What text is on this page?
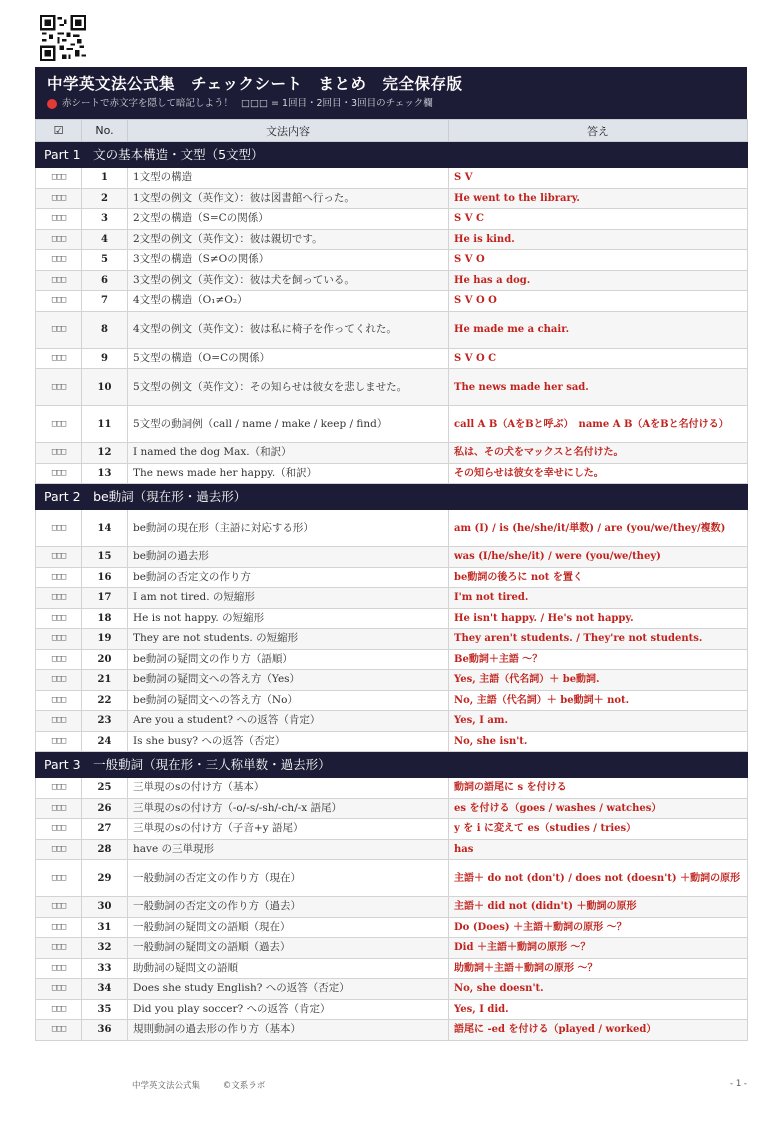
中学英文法公式集　チェックシート　まとめ　完全保存版
赤シートで赤文字を隠して暗記しよう！ □□□ = 1回目・2回目・3回目のチェック欄
☑	No.	文法内容	答え
Part 1　文の基本構造・文型（5文型）			
□□□	1	1文型の構造	S V
□□□	2	1文型の例文（英作文）：彼は図書館へ行った。	He went to the library.
□□□	3	2文型の構造（S=Cの関係）	S V C
□□□	4	2文型の例文（英作文）：彼は親切です。	He is kind.
□□□	5	3文型の構造（S≠Oの関係）	S V O
□□□	6	3文型の例文（英作文）：彼は犬を飼っている。	He has a dog.
□□□	7	4文型の構造（O₁≠O₂）	S V O O
□□□	8	4文型の例文（英作文）：彼は私に椅子を作ってくれた。	He made me a chair.
□□□	9	5文型の構造（O=Cの関係）	S V O C
□□□	10	5文型の例文（英作文）：その知らせは彼女を悲しませた。	The news made her sad.
□□□	11	5文型の動詞例（call / name / make / keep / find）	call A B（AをBと呼ぶ）　name A B（AをBと名付ける）
□□□	12	I named the dog Max.（和訳）	私は、その犬をマックスと名付けた。
□□□	13	The news made her happy.（和訳）	その知らせは彼女を幸せにした。
Part 2　be動詞（現在形・過去形）			
□□□	14	be動詞の現在形（主語に対応する形）	am (I) / is (he/she/it/単数) / are (you/we/they/複数)
□□□	15	be動詞の過去形	was (I/he/she/it) / were (you/we/they)
□□□	16	be動詞の否定文の作り方	be動詞の後ろに not を置く
□□□	17	I am not tired. の短縮形	I'm not tired.
□□□	18	He is not happy. の短縮形	He isn't happy. / He's not happy.
□□□	19	They are not students. の短縮形	They aren't students. / They're not students.
□□□	20	be動詞の疑問文の作り方（語順）	Be動詞＋主語 〜？
□□□	21	be動詞の疑問文への答え方（Yes）	Yes, 主語（代名詞）＋ be動詞.
□□□	22	be動詞の疑問文への答え方（No）	No, 主語（代名詞）＋ be動詞＋ not.
□□□	23	Are you a student? への返答（肯定）	Yes, I am.
□□□	24	Is she busy? への返答（否定）	No, she isn't.
Part 3　一般動詞（現在形・三人称単数・過去形）			
□□□	25	三単現のsの付け方（基本）	動詞の語尾に s を付ける
□□□	26	三単現のsの付け方（-o/-s/-sh/-ch/-x 語尾）	es を付ける（goes / washes / watches）
□□□	27	三単現のsの付け方（子音+y 語尾）	y を i に変えて es（studies / tries）
□□□	28	have の三単現形	has
□□□	29	一般動詞の否定文の作り方（現在）	主語＋ do not (don't) / does not (doesn't) ＋動詞の原形
□□□	30	一般動詞の否定文の作り方（過去）	主語＋ did not (didn't) ＋動詞の原形
□□□	31	一般動詞の疑問文の語順（現在）	Do (Does) ＋主語＋動詞の原形 〜？
□□□	32	一般動詞の疑問文の語順（過去）	Did ＋主語＋動詞の原形 〜？
□□□	33	助動詞の疑問文の語順	助動詞＋主語＋動詞の原形 〜？
□□□	34	Does she study English? への返答（否定）	No, she doesn't.
□□□	35	Did you play soccer? への返答（肯定）	Yes, I did.
□□□	36	規則動詞の過去形の作り方（基本）	語尾に -ed を付ける（played / worked）
中学英文法公式集	©文系ラボ	- 1 -
